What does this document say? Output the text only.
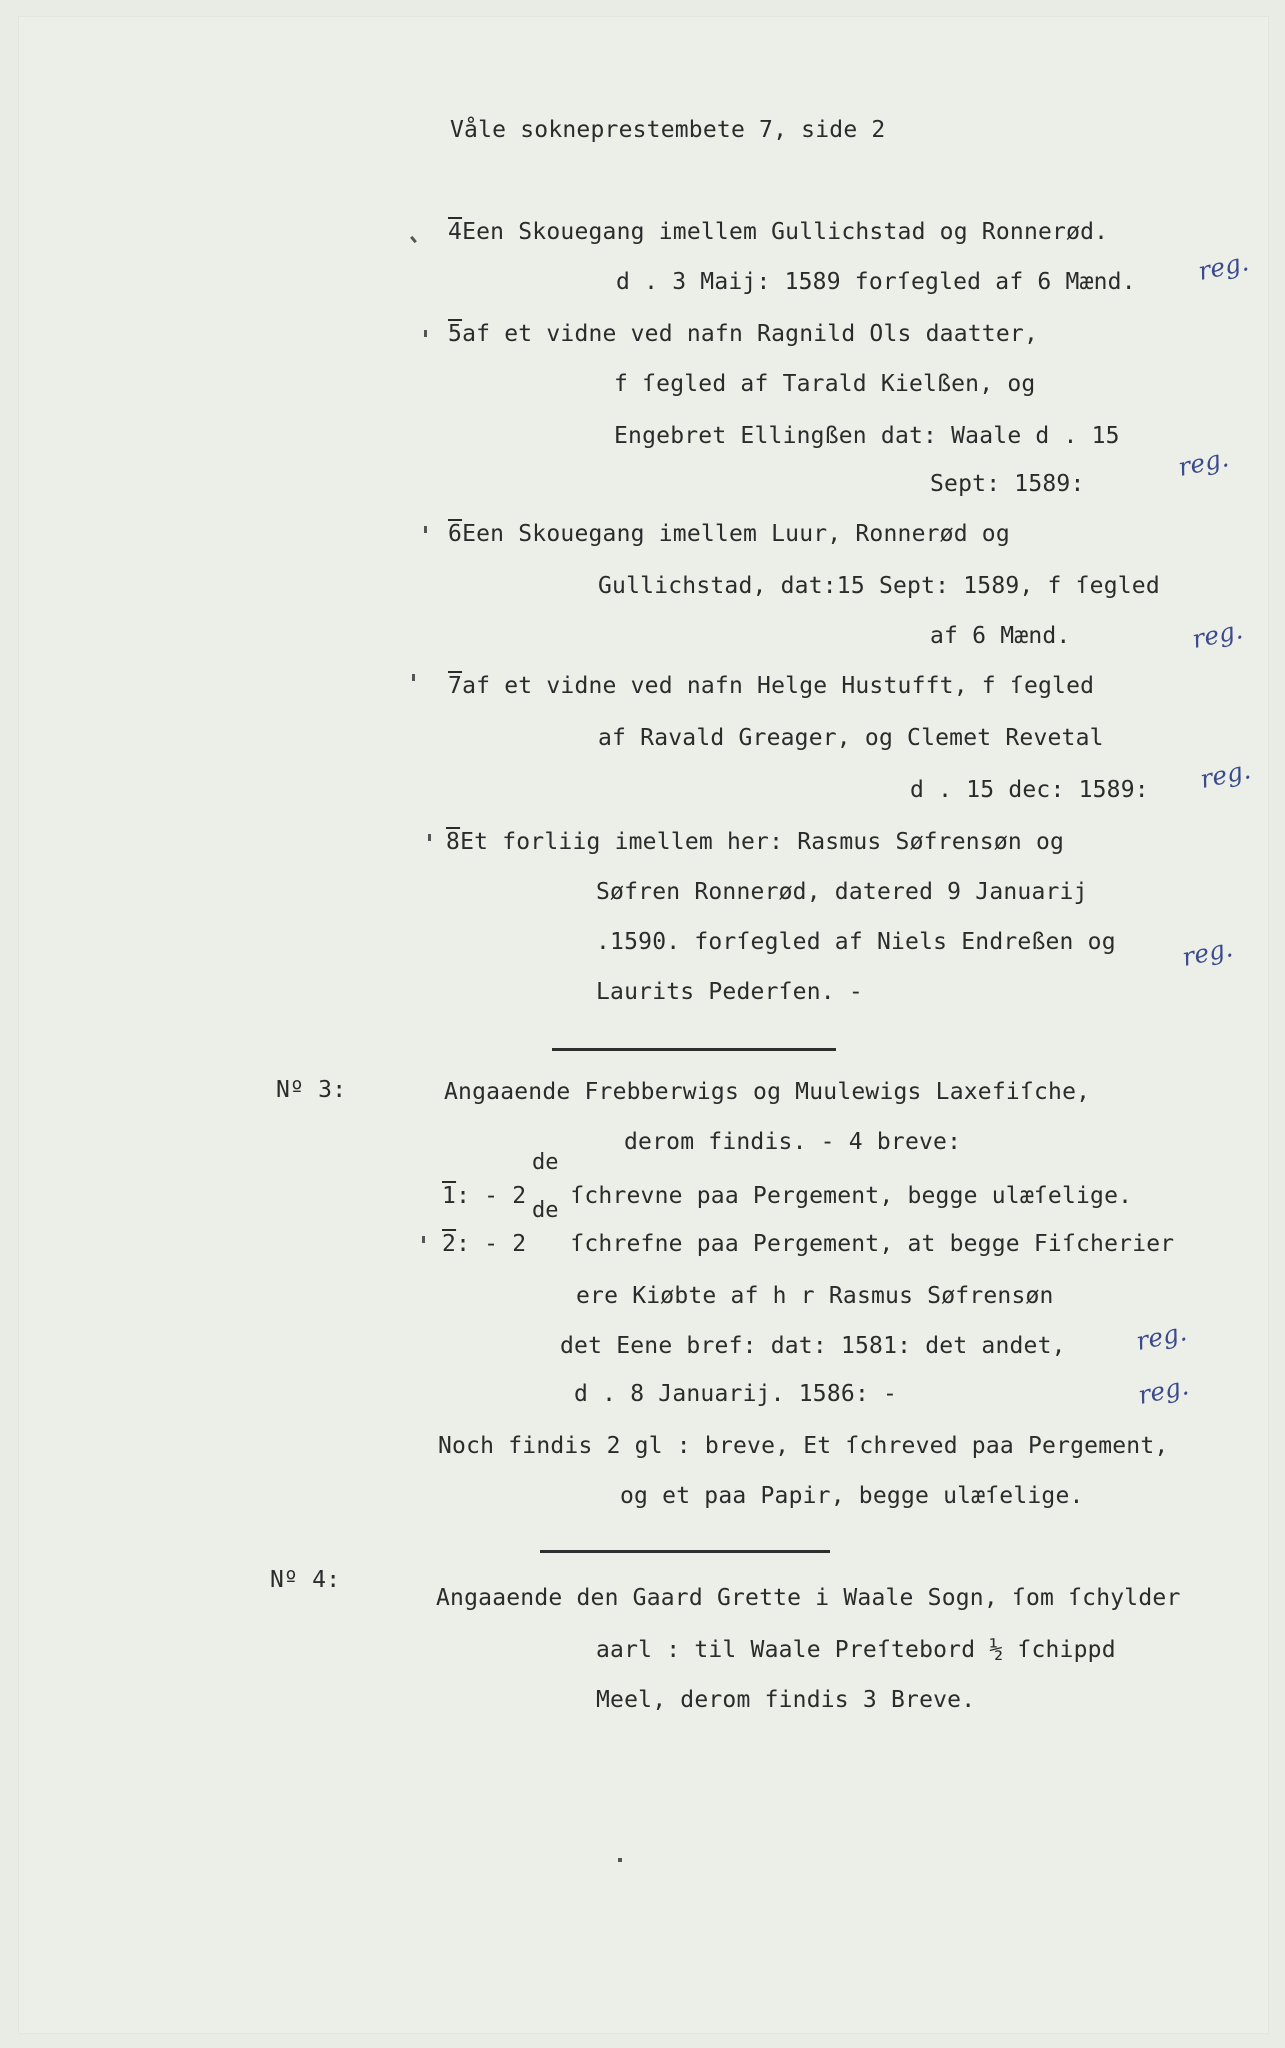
Våle sokneprestembete 7, side 2
4Een Skouegang imellem Gullichstad og Ronnerød.
d . 3 Maij: 1589 forſegled af 6 Mænd. reg.
5af et vidne ved nafn Ragnild Ols daatter,
f ſegled af Tarald Kielßen, og
Engebret Ellingßen dat: Waale d . 15
Sept: 1589:
reg.
6Een Skouegang imellem Luur, Ronnerød og
Gullichstad, dat:15 Sept: 1589, f ſegled
af 6 Mænd.	reg.
7af et vidne ved nafn Helge Hustufft, f ſegled
af Ravald Greager, og Clemet Revetal
d . 15 dec: 1589: reg.
8Et forliig imellem her: Rasmus Søfrensøn og
Søfren Ronnerød, datered 9 Januarij
.1590. forſegled af Niels Endreßen og
Laurits Pederſen. -
reg.
Nº 3:	Angaaende Frebberwigs og Muulewigs Laxefiſche,
derom findis. - 4 breve:
de
1: - 2 ſchrevne paa Pergement, begge ulæſelige.
de
2: - 2 ſchrefne paa Pergement, at begge Fiſcherier
ere Kiøbte af h r Rasmus Søfrensøn
det Eene bref: dat: 1581: det andet,
d . 8 Januarij. 1586: -
reg.
reg.
Noch findis 2 gl : breve, Et ſchreved paa Pergement,
og et paa Papir, begge ulæſelige.
Nº 4:
Angaaende den Gaard Grette i Waale Sogn, ſom ſchylder
aarl : til Waale Preſtebord ½ ſchippd
Meel, derom findis 3 Breve.
